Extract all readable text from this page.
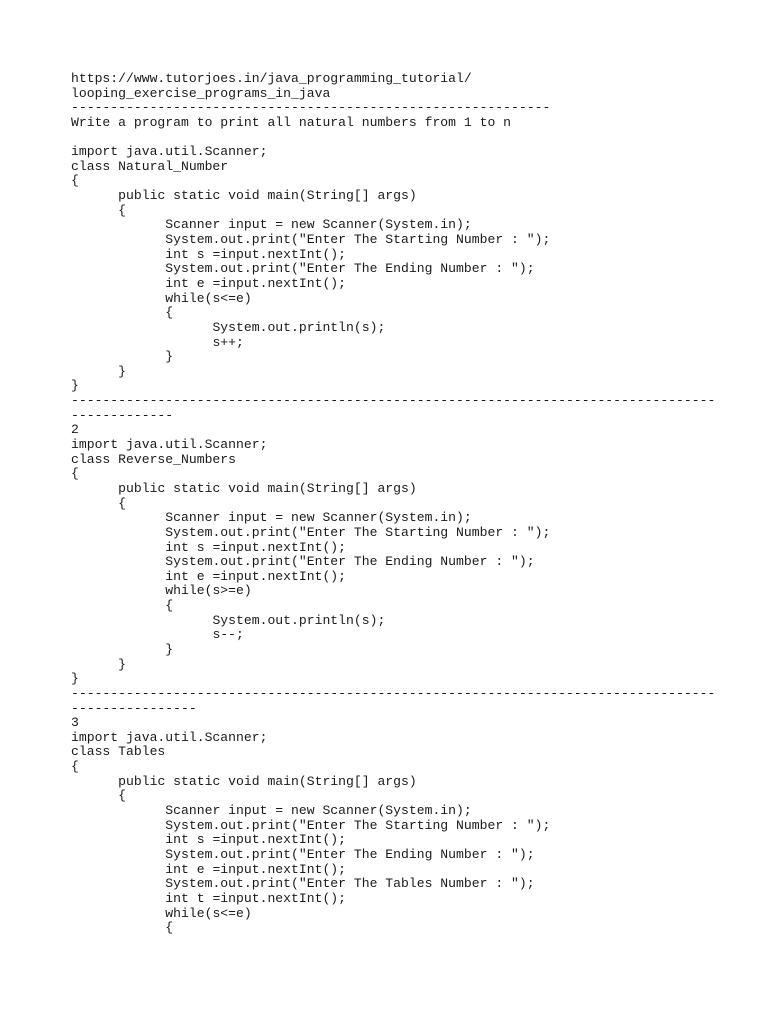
https://www.tutorjoes.in/java_programming_tutorial/
looping_exercise_programs_in_java
-------------------------------------------------------------
Write a program to print all natural numbers from 1 to n
import java.util.Scanner;
class Natural_Number
{
	public static void main(String[] args)
	{
		Scanner input = new Scanner(System.in);
		System.out.print("Enter The Starting Number : ");
		int s =input.nextInt();
		System.out.print("Enter The Ending Number : ");
		int e =input.nextInt();
		while(s<=e)
		{
			System.out.println(s);
			s++;
		}
	}
}
----------------------------------------------------------------------------------
-------------
2
import java.util.Scanner;
class Reverse_Numbers
{
	public static void main(String[] args)
	{
		Scanner input = new Scanner(System.in);
		System.out.print("Enter The Starting Number : ");
		int s =input.nextInt();
		System.out.print("Enter The Ending Number : ");
		int e =input.nextInt();
		while(s>=e)
		{
			System.out.println(s);
			s--;
		}
	}
}
----------------------------------------------------------------------------------
----------------
3
import java.util.Scanner;
class Tables
{
	public static void main(String[] args)
	{
		Scanner input = new Scanner(System.in);
		System.out.print("Enter The Starting Number : ");
		int s =input.nextInt();
		System.out.print("Enter The Ending Number : ");
		int e =input.nextInt();
		System.out.print("Enter The Tables Number : ");
		int t =input.nextInt();
		while(s<=e)
		{
